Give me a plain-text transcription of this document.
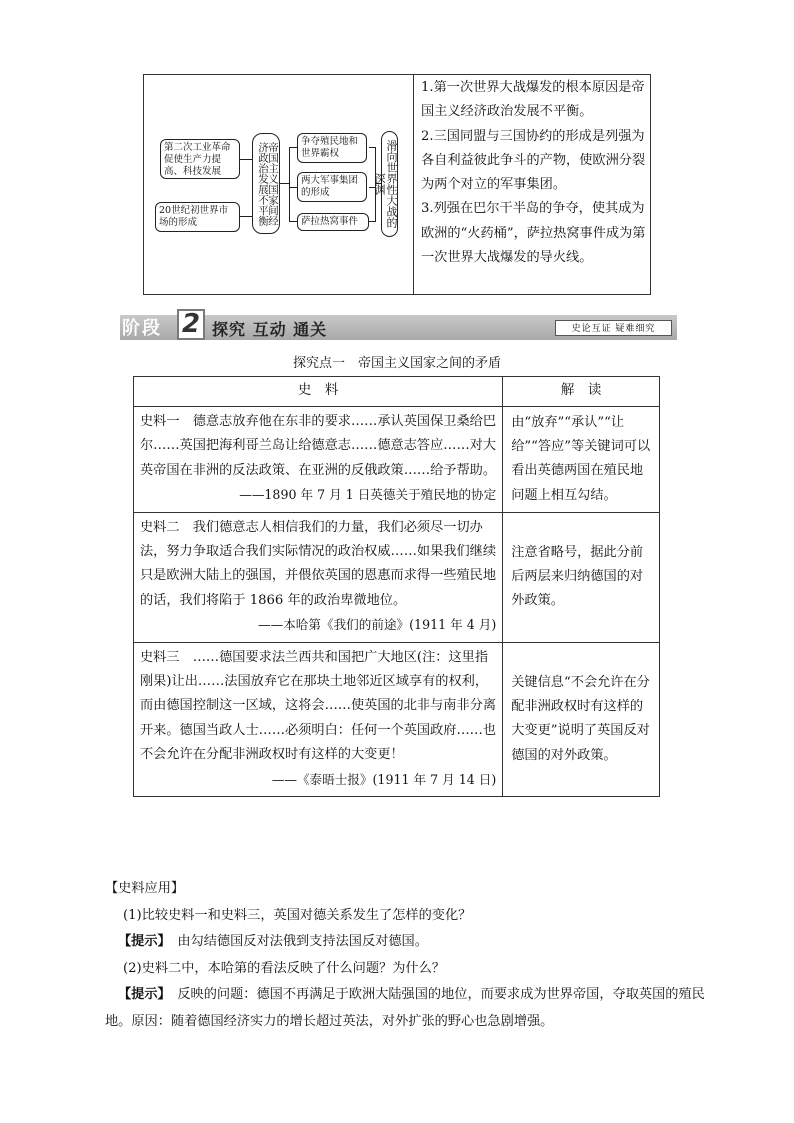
第二次工业革命促使生产力提高、科技发展
20世纪初世界市场的形成	帝国主义国家间经济政治发展不平衡	争夺殖民地和世界霸权
两大军事集团的形成
萨拉热窝事件	滑向世界性大战的深渊

1.第一次世界大战爆发的根本原因是帝国主义经济政治发展不平衡。

2.三国同盟与三国协约的形成是列强为各自利益彼此争斗的产物，使欧洲分裂为两个对立的军事集团。

3.列强在巴尔干半岛的争夺，使其成为欧洲的“火药桶”，萨拉热窝事件成为第一次世界大战爆发的导火线。

阶段 2 探究 互动 通关	史论互证 疑难细究
探究点一　帝国主义国家之间的矛盾
史　料	解　读

史料一　德意志放弃他在东非的要求……承认英国保卫桑给巴尔……英国把海利哥兰岛让给德意志……德意志答应……对大英帝国在非洲的反法政策、在亚洲的反俄政策……给予帮助。

——1890 年 7 月 1 日英德关于殖民地的协定	由“放弃”“承认”“让给”“答应”等关键词可以看出英德两国在殖民地问题上相互勾结。

史料二　我们德意志人相信我们的力量，我们必须尽一切办法，努力争取适合我们实际情况的政治权威……如果我们继续只是欧洲大陆上的强国，并偎依英国的恩惠而求得一些殖民地的话，我们将陷于 1866 年的政治卑微地位。

——本哈第《我们的前途》(1911 年 4 月)	注意省略号，据此分前后两层来归纳德国的对外政策。

史料三　……德国要求法兰西共和国把广大地区(注：这里指刚果)让出……法国放弃它在那块土地邻近区域享有的权利，而由德国控制这一区域，这将会……使英国的北非与南非分离开来。德国当政人士……必须明白：任何一个英国政府……也不会允许在分配非洲政权时有这样的大变更！

——《泰晤士报》(1911 年 7 月 14 日)	关键信息“不会允许在分配非洲政权时有这样的大变更”说明了英国反对德国的对外政策。

【史料应用】

(1)比较史料一和史料三，英国对德关系发生了怎样的变化？

【提示】　 由勾结德国反对法俄到支持法国反对德国。

(2)史料二中，本哈第的看法反映了什么问题？为什么？

【提示】　 反映的问题：德国不再满足于欧洲大陆强国的地位，而要求成为世界帝国，夺取英国的殖民地。原因：随着德国经济实力的增长超过英法，对外扩张的野心也急剧增强。
